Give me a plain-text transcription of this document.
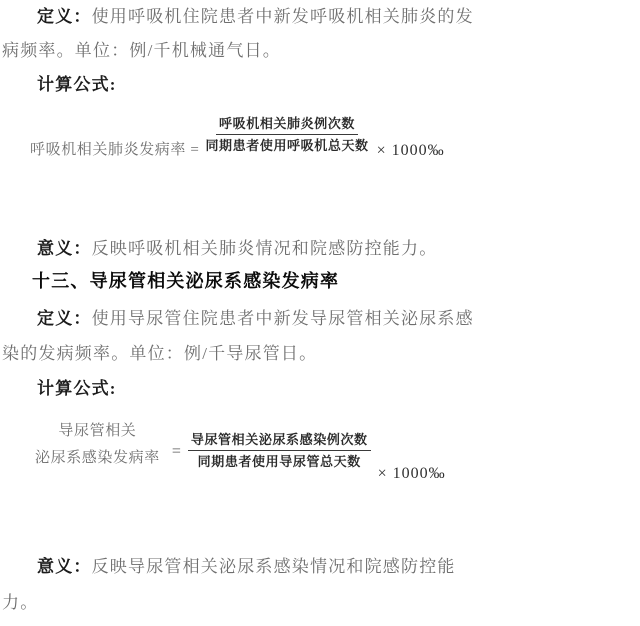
定义：使用呼吸机住院患者中新发呼吸机相关肺炎的发
病频率。单位：例/千机械通气日。
计算公式:
呼吸机相关肺炎发病率 = $\frac{\text{呼吸机相关肺炎例次数}}{\text{同期患者使用呼吸机总天数}}$ × 1000‰
意义：反映呼吸机相关肺炎情况和院感防控能力。
十三、导尿管相关泌尿系感染发病率
定义：使用导尿管住院患者中新发导尿管相关泌尿系感
染的发病频率。单位：例/千导尿管日。
计算公式:
导尿管相关
泌尿系感染发病率 = $\frac{\text{导尿管相关泌尿系感染例次数}}{\text{同期患者使用导尿管总天数}}$
× 1000‰
意义：反映导尿管相关泌尿系感染情况和院感防控能
力。
